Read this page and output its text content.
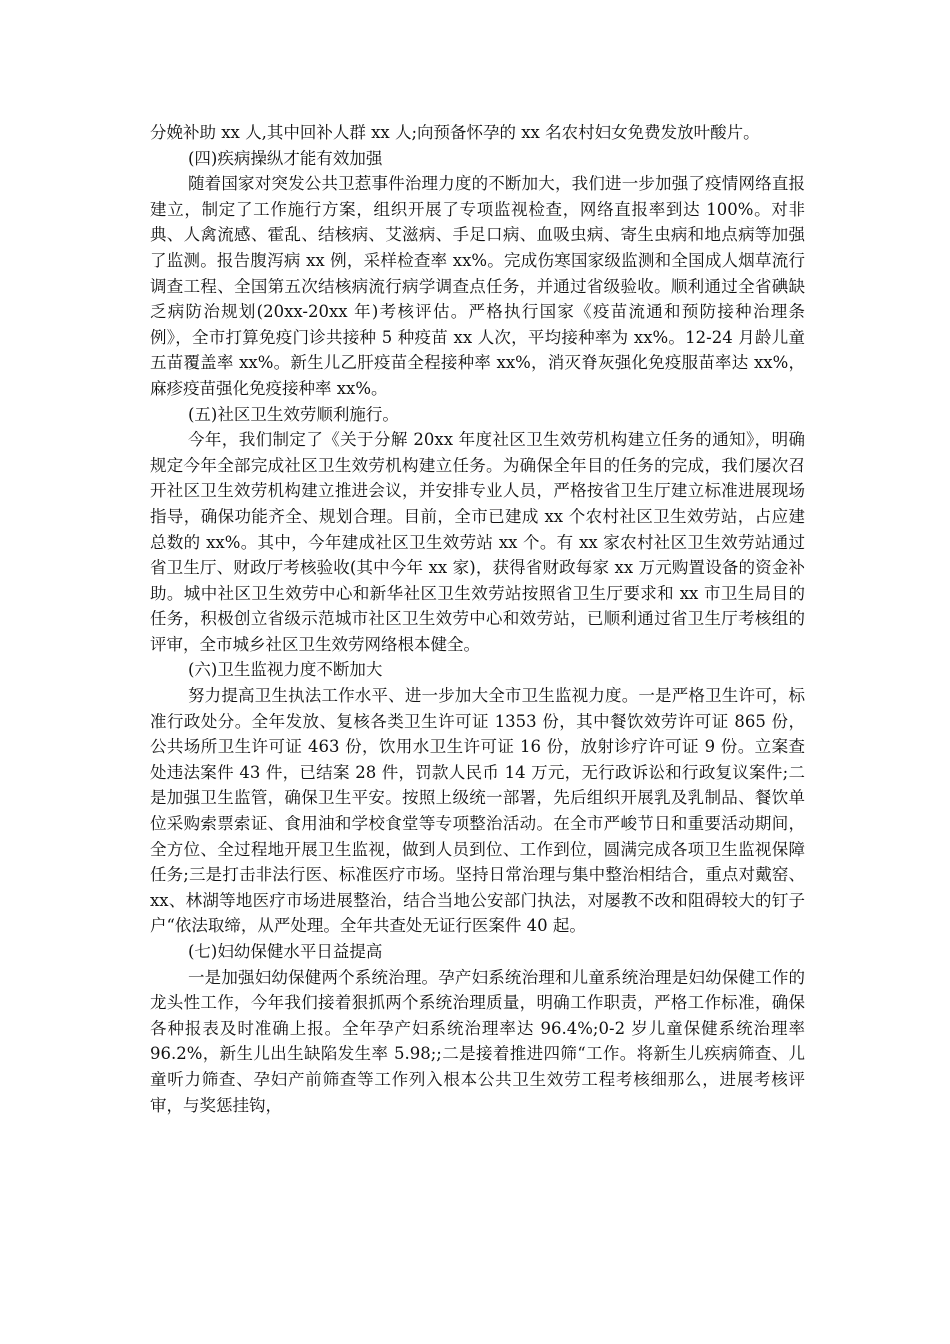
分娩补助 xx 人,其中回补人群 xx 人;向预备怀孕的 xx 名农村妇女免费发放叶酸片。

(四)疾病操纵才能有效加强

随着国家对突发公共卫惹事件治理力度的不断加大，我们进一步加强了疫情网络直报建立，制定了工作施行方案，组织开展了专项监视检查，网络直报率到达 100%。对非典、人禽流感、霍乱、结核病、艾滋病、手足口病、血吸虫病、寄生虫病和地点病等加强了监测。报告腹泻病 xx 例，采样检查率 xx%。完成伤寒国家级监测和全国成人烟草流行调查工程、全国第五次结核病流行病学调查点任务，并通过省级验收。顺利通过全省碘缺乏病防治规划(20xx-20xx 年)考核评估。严格执行国家《疫苗流通和预防接种治理条例》，全市打算免疫门诊共接种 5 种疫苗 xx 人次，平均接种率为 xx%。12-24 月龄儿童五苗覆盖率 xx%。新生儿乙肝疫苗全程接种率 xx%，消灭脊灰强化免疫服苗率达 xx%，麻疹疫苗强化免疫接种率 xx%。

(五)社区卫生效劳顺利施行。

今年，我们制定了《关于分解 20xx 年度社区卫生效劳机构建立任务的通知》，明确规定今年全部完成社区卫生效劳机构建立任务。为确保全年目的任务的完成，我们屡次召开社区卫生效劳机构建立推进会议，并安排专业人员，严格按省卫生厅建立标准进展现场指导，确保功能齐全、规划合理。目前，全市已建成 xx 个农村社区卫生效劳站，占应建总数的 xx%。其中，今年建成社区卫生效劳站 xx 个。有 xx 家农村社区卫生效劳站通过省卫生厅、财政厅考核验收(其中今年 xx 家)，获得省财政每家 xx 万元购置设备的资金补助。城中社区卫生效劳中心和新华社区卫生效劳站按照省卫生厅要求和 xx 市卫生局目的任务，积极创立省级示范城市社区卫生效劳中心和效劳站，已顺利通过省卫生厅考核组的评审，全市城乡社区卫生效劳网络根本健全。

(六)卫生监视力度不断加大

努力提高卫生执法工作水平、进一步加大全市卫生监视力度。一是严格卫生许可，标准行政处分。全年发放、复核各类卫生许可证 1353 份，其中餐饮效劳许可证 865 份，公共场所卫生许可证 463 份，饮用水卫生许可证 16 份，放射诊疗许可证 9 份。立案查处违法案件 43 件，已结案 28 件，罚款人民币 14 万元，无行政诉讼和行政复议案件;二是加强卫生监管，确保卫生平安。按照上级统一部署，先后组织开展乳及乳制品、餐饮单位采购索票索证、食用油和学校食堂等专项整治活动。在全市严峻节日和重要活动期间，全方位、全过程地开展卫生监视，做到人员到位、工作到位，圆满完成各项卫生监视保障任务;三是打击非法行医、标准医疗市场。坚持日常治理与集中整治相结合，重点对戴窑、xx、林湖等地医疗市场进展整治，结合当地公安部门执法，对屡教不改和阻碍较大的钉子户“依法取缔，从严处理。全年共查处无证行医案件 40 起。

(七)妇幼保健水平日益提高

一是加强妇幼保健两个系统治理。孕产妇系统治理和儿童系统治理是妇幼保健工作的龙头性工作，今年我们接着狠抓两个系统治理质量，明确工作职责，严格工作标准，确保各种报表及时准确上报。全年孕产妇系统治理率达 96.4%;0-2 岁儿童保健系统治理率 96.2%，新生儿出生缺陷发生率 5.98;;二是接着推进四筛“工作。将新生儿疾病筛查、儿童听力筛查、孕妇产前筛查等工作列入根本公共卫生效劳工程考核细那么，进展考核评审，与奖惩挂钩，
